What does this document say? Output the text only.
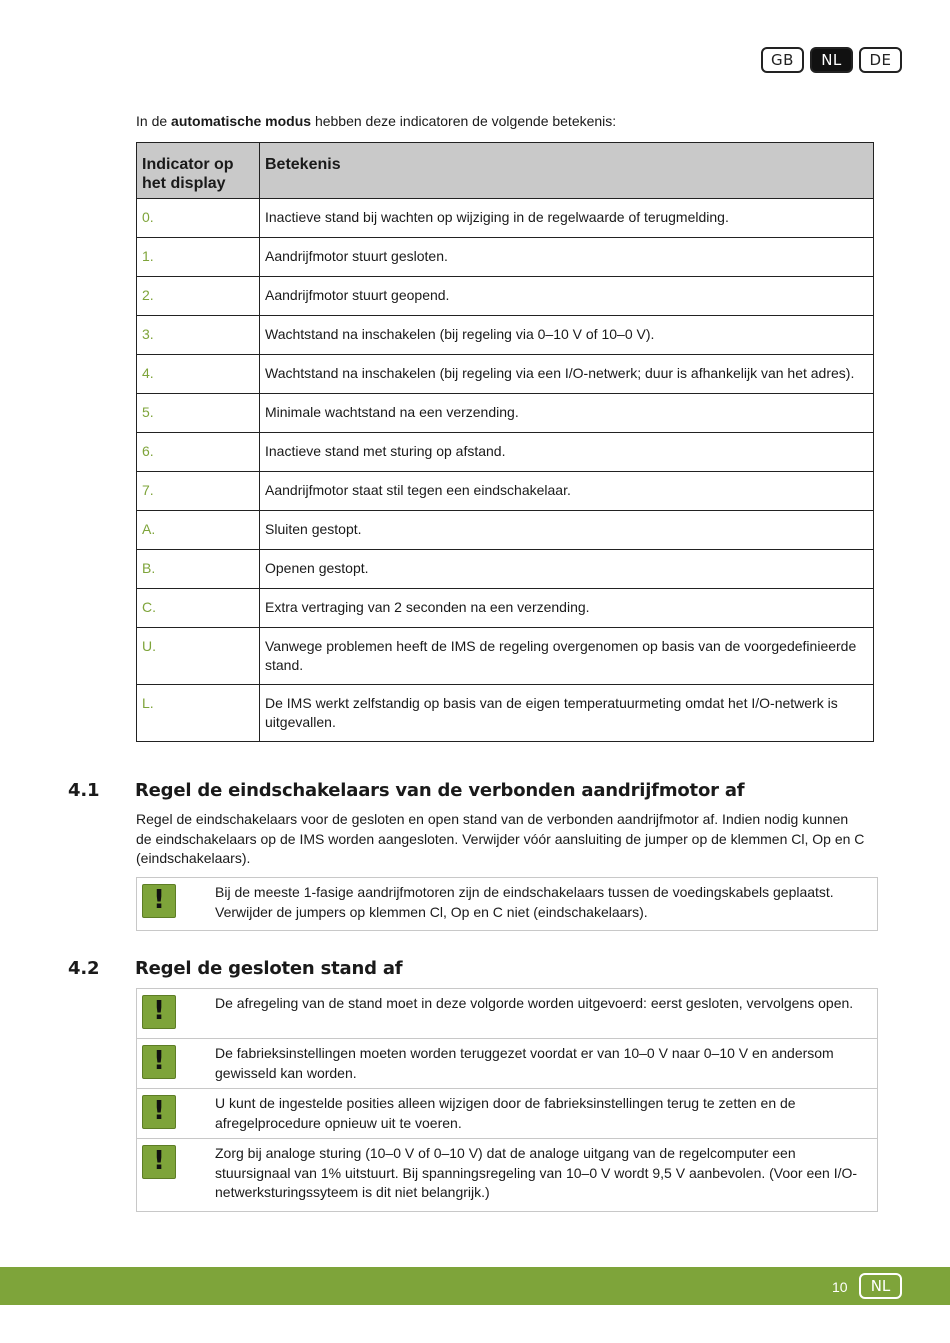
GB	NL	DE
In de automatische modus hebben deze indicatoren de volgende betekenis:
Indicator op het display	Betekenis
0.	Inactieve stand bij wachten op wijziging in de regelwaarde of terugmelding.
1.	Aandrijfmotor stuurt gesloten.
2.	Aandrijfmotor stuurt geopend.
3.	Wachtstand na inschakelen (bij regeling via 0–10 V of 10–0 V).
4.	Wachtstand na inschakelen (bij regeling via een I/O-netwerk; duur is afhankelijk van het adres).
5.	Minimale wachtstand na een verzending.
6.	Inactieve stand met sturing op afstand.
7.	Aandrijfmotor staat stil tegen een eindschakelaar.
A.	Sluiten gestopt.
B.	Openen gestopt.
C.	Extra vertraging van 2 seconden na een verzending.
U.	Vanwege problemen heeft de IMS de regeling overgenomen op basis van de voorgedefinieerde stand.
L.	De IMS werkt zelfstandig op basis van de eigen temperatuurmeting omdat het I/O-netwerk is uitgevallen.
4.1 Regel de eindschakelaars van de verbonden aandrijfmotor af

Regel de eindschakelaars voor de gesloten en open stand van de verbonden aandrijfmotor af. Indien nodig kunnen de eindschakelaars op de IMS worden aangesloten. Verwijder vóór aansluiting de jumper op de klemmen Cl, Op en C (eindschakelaars).

!	Bij de meeste 1-fasige aandrijfmotoren zijn de eindschakelaars tussen de voedingskabels geplaatst. Verwijder de jumpers op klemmen Cl, Op en C niet (eindschakelaars).
4.2 Regel de gesloten stand af
!	De afregeling van de stand moet in deze volgorde worden uitgevoerd: eerst gesloten, vervolgens open.
!	De fabrieksinstellingen moeten worden teruggezet voordat er van 10–0 V naar 0–10 V en andersom gewisseld kan worden.
!	U kunt de ingestelde posities alleen wijzigen door de fabrieksinstellingen terug te zetten en de afregelprocedure opnieuw uit te voeren.
!	Zorg bij analoge sturing (10–0 V of 0–10 V) dat de analoge uitgang van de regelcomputer een stuursignaal van 1% uitstuurt. Bij spanningsregeling van 10–0 V wordt 9,5 V aanbevolen. (Voor een I/O-netwerksturingssyteem is dit niet belangrijk.)
10	NL
